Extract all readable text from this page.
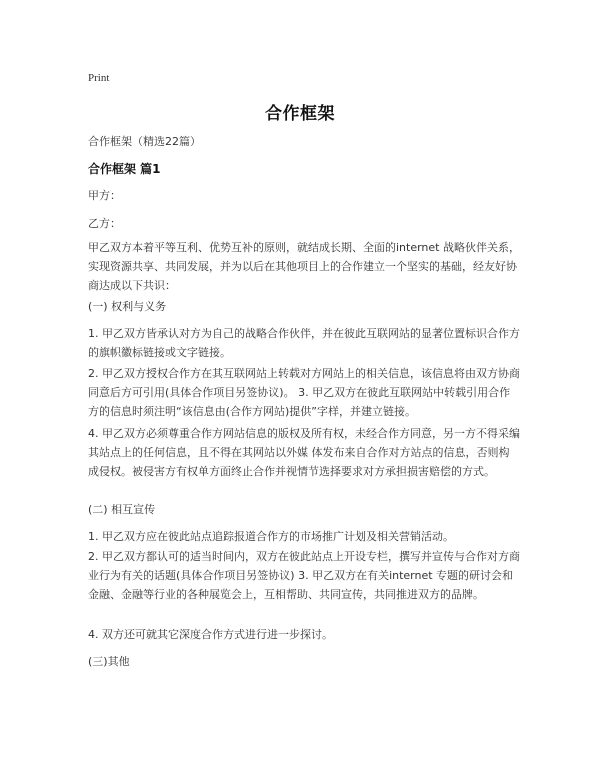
Print
合作框架

合作框架（精选22篇）

合作框架 篇1

甲方：

乙方：

甲乙双方本着平等互利、优势互补的原则，就结成长期、全面的internet 战略伙伴关系，实现资源共享、共同发展，并为以后在其他项目上的合作建立一个坚实的基础，经友好协商达成以下共识：

(一) 权利与义务

1. 甲乙双方皆承认对方为自己的战略合作伙伴，并在彼此互联网站的显著位置标识合作方的旗帜徽标链接或文字链接。

2. 甲乙双方授权合作方在其互联网站上转载对方网站上的相关信息，该信息将由双方协商同意后方可引用(具体合作项目另签协议)。 3. 甲乙双方在彼此互联网站中转载引用合作方的信息时须注明“该信息由(合作方网站)提供”字样，并建立链接。

4. 甲乙双方必须尊重合作方网站信息的版权及所有权，未经合作方同意，另一方不得采编其站点上的任何信息，且不得在其网站以外媒 体发布来自合作对方站点的信息，否则构成侵权。被侵害方有权单方面终止合作并视情节选择要求对方承担损害赔偿的方式。

(二) 相互宣传

1. 甲乙双方应在彼此站点追踪报道合作方的市场推广计划及相关营销活动。

2. 甲乙双方都认可的适当时间内，双方在彼此站点上开设专栏，撰写并宣传与合作对方商业行为有关的话题(具体合作项目另签协议) 3. 甲乙双方在有关internet 专题的研讨会和金融、金融等行业的各种展览会上，互相帮助、共同宣传，共同推进双方的品牌。

4. 双方还可就其它深度合作方式进行进一步探讨。

(三)其他
